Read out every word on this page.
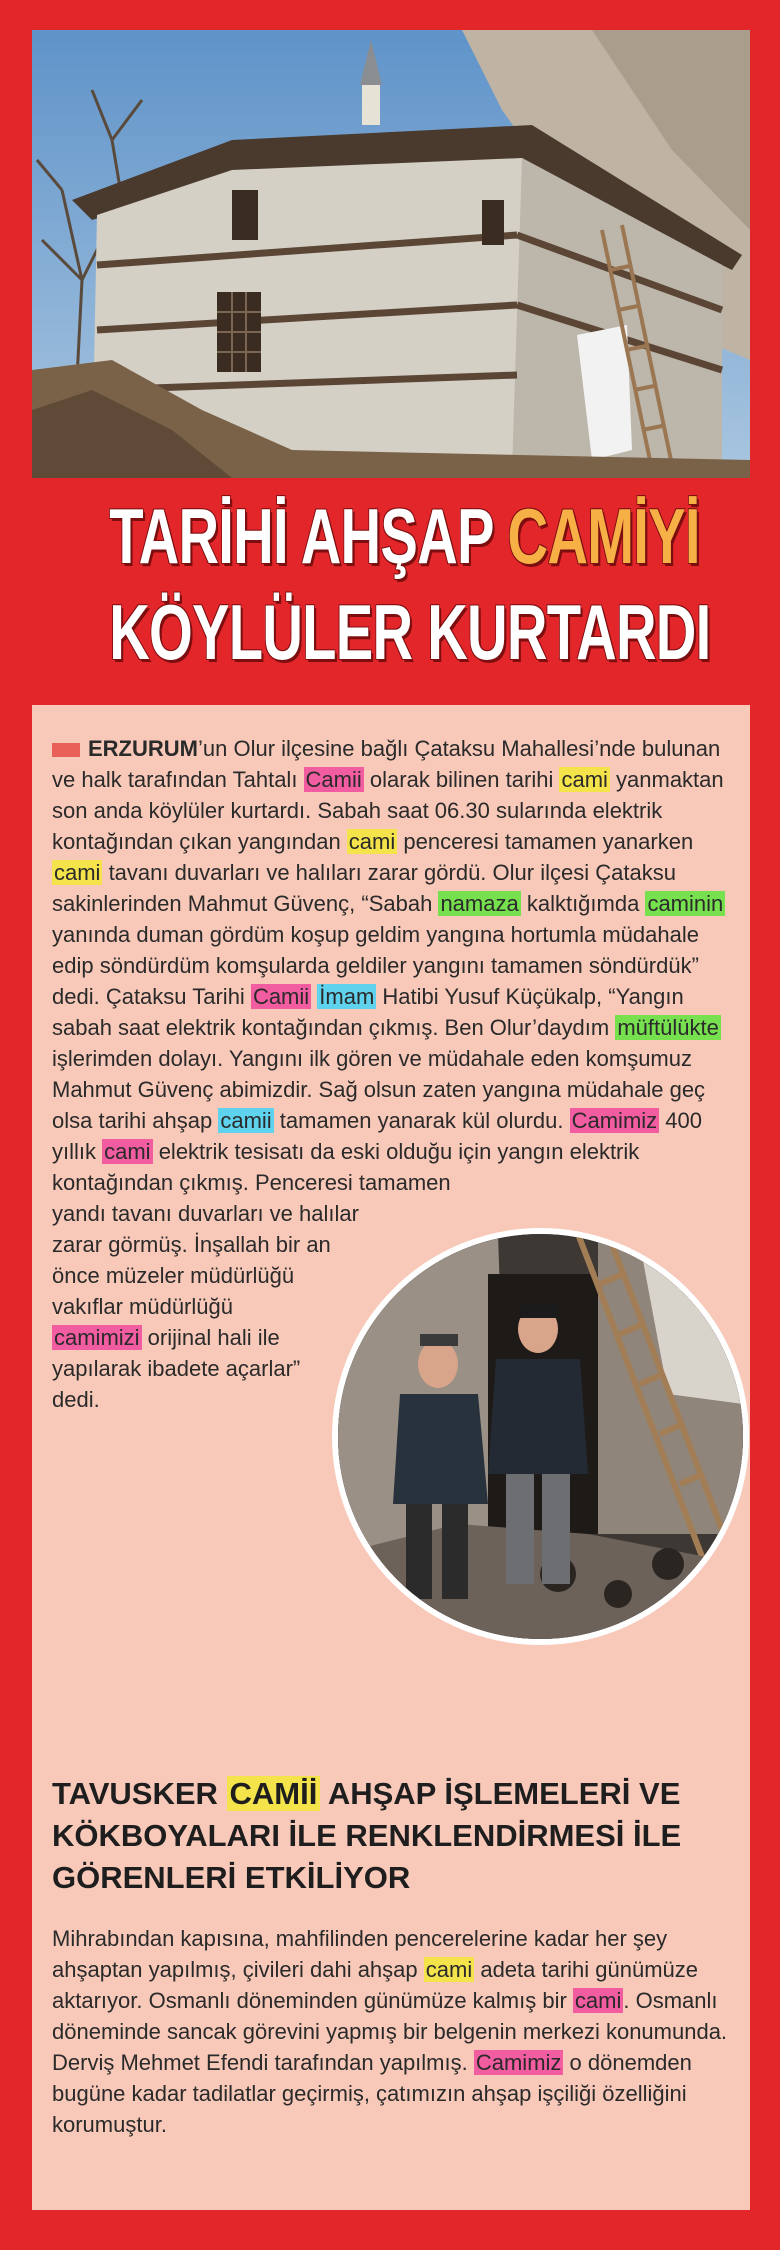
TARİHİ AHŞAP CAMİYİ
KÖYLÜLER KURTARDI
ERZURUM’un Olur ilçesine bağlı Çataksu Mahallesi’nde bulunan ve halk tarafından Tahtalı Camii olarak bilinen tarihi cami yanmaktan son anda köylüler kurtardı. Sabah saat 06.30 sularında elektrik kontağından çıkan yangından cami penceresi tamamen yanarken cami tavanı duvarları ve halıları zarar gördü. Olur ilçesi Çataksu sakinlerinden Mahmut Güvenç, “Sabah namaza kalktığımda caminin yanında duman gördüm koşup geldim yangına hortumla müdahale edip söndürdüm komşularda geldiler yangını tamamen söndürdük” dedi. Çataksu Tarihi Camii İmam Hatibi Yusuf Küçükalp, “Yangın sabah saat elektrik kontağından çıkmış. Ben Olur’daydım müftülükte işlerimden dolayı. Yangını ilk gören ve müdahale eden komşumuz Mahmut Güvenç abimizdir. Sağ olsun zaten yangına müdahale geç olsa tarihi ahşap camii tamamen yanarak kül olurdu. Camimiz 400 yıllık cami elektrik tesisatı da eski olduğu için yangın elektrik kontağından çıkmış. Penceresi tamamen yandı tavanı duvarları ve halılar zarar görmüş. İnşallah bir an önce müzeler müdürlüğü vakıflar müdürlüğü camimizi orijinal hali ile yapılarak ibadete açarlar” dedi.
TAVUSKER CAMİİ AHŞAP İŞLEMELERİ VE KÖKBOYALARI İLE RENKLENDİRMESİ İLE GÖRENLERİ ETKİLİYOR
Mihrabından kapısına, mahfilinden pencerelerine kadar her şey ahşaptan yapılmış, çivileri dahi ahşap cami adeta tarihi günümüze aktarıyor. Osmanlı döneminden günümüze kalmış bir cami. Osmanlı döneminde sancak görevini yapmış bir belgenin merkezi konumunda. Derviş Mehmet Efendi tarafından yapılmış. Camimiz o dönemden bugüne kadar tadilatlar geçirmiş, çatımızın ahşap işçiliği özelliğini korumuştur.
